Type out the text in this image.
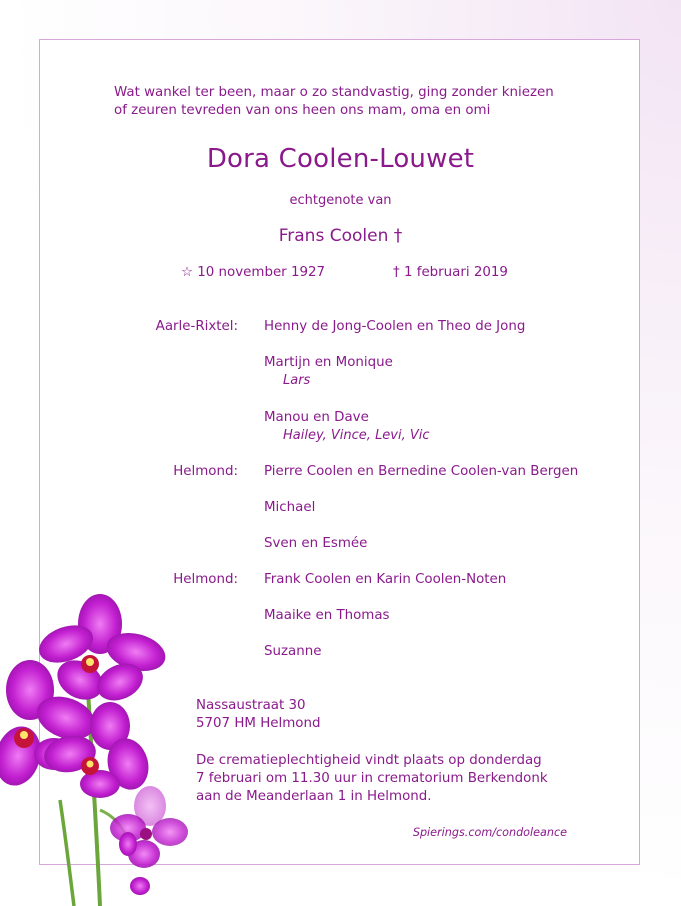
Wat wankel ter been, maar o zo standvastig, ging zonder kniezen of zeuren tevreden van ons heen ons mam, oma en omi
Dora Coolen-Louwet
echtgenote van
Frans Coolen †
☆ 10 november 1927	† 1 februari 2019
Aarle-Rixtel: Henny de Jong-Coolen en Theo de Jong
Martijn en Monique
Lars
Manou en Dave
Hailey, Vince, Levi, Vic
Helmond: Pierre Coolen en Bernedine Coolen-van Bergen
Michael
Sven en Esmée
Helmond: Frank Coolen en Karin Coolen-Noten
Maaike en Thomas
Suzanne
Nassaustraat 30
5707 HM Helmond
De crematieplechtigheid vindt plaats op donderdag
7 februari om 11.30 uur in crematorium Berkendonk
aan de Meanderlaan 1 in Helmond.
Spierings.com/condoleance
